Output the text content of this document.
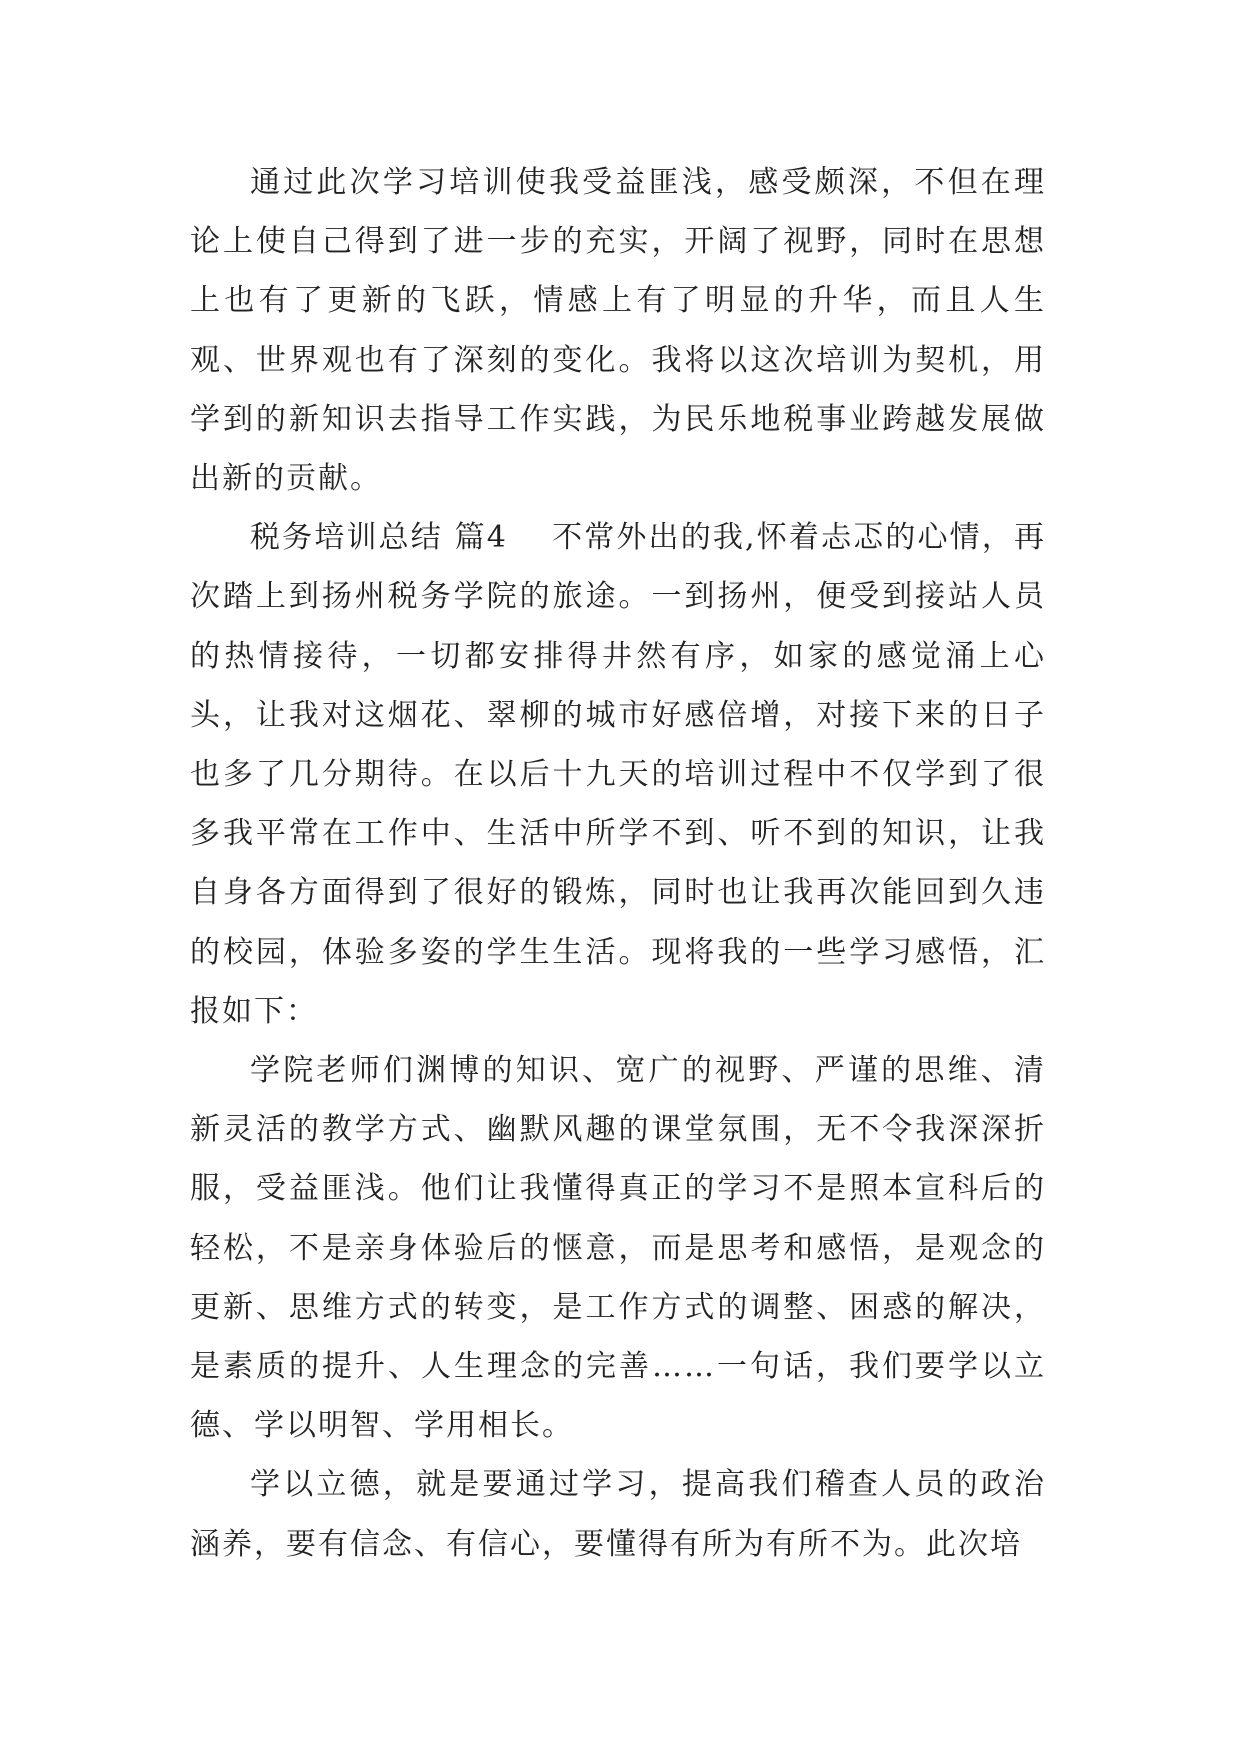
通过此次学习培训使我受益匪浅，感受颇深，不但在理论上使自己得到了进一步的充实，开阔了视野，同时在思想上也有了更新的飞跃，情感上有了明显的升华，而且人生观、世界观也有了深刻的变化。我将以这次培训为契机，用学到的新知识去指导工作实践，为民乐地税事业跨越发展做出新的贡献。

税务培训总结 篇4 不常外出的我,怀着忐忑的心情，再次踏上到扬州税务学院的旅途。一到扬州，便受到接站人员的热情接待，一切都安排得井然有序，如家的感觉涌上心头，让我对这烟花、翠柳的城市好感倍增，对接下来的日子也多了几分期待。在以后十九天的培训过程中不仅学到了很多我平常在工作中、生活中所学不到、听不到的知识，让我自身各方面得到了很好的锻炼，同时也让我再次能回到久违的校园，体验多姿的学生生活。现将我的一些学习感悟，汇报如下：

学院老师们渊博的知识、宽广的视野、严谨的思维、清新灵活的教学方式、幽默风趣的课堂氛围，无不令我深深折服，受益匪浅。他们让我懂得真正的学习不是照本宣科后的轻松，不是亲身体验后的惬意，而是思考和感悟，是观念的更新、思维方式的转变，是工作方式的调整、困惑的解决，是素质的提升、人生理念的完善……一句话，我们要学以立德、学以明智、学用相长。

学以立德，就是要通过学习，提高我们稽查人员的政治涵养，要有信念、有信心，要懂得有所为有所不为。此次培
